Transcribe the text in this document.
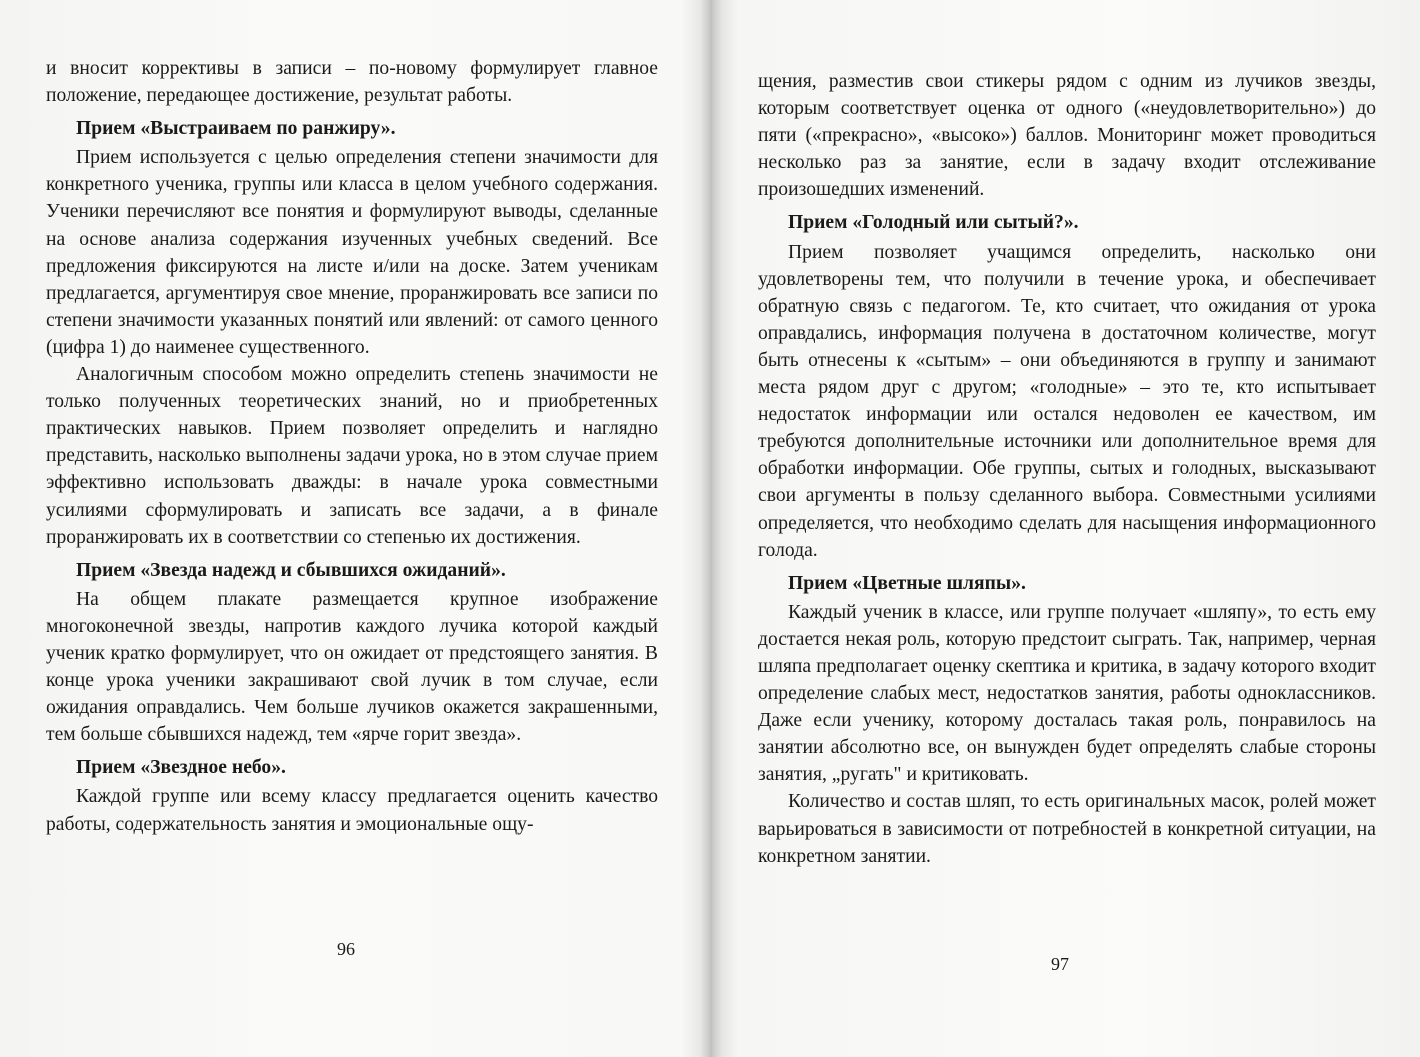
и вносит коррективы в записи – по-новому формулирует главное положение, передающее достижение, результат работы.

Прием «Выстраиваем по ранжиру».

Прием используется с целью определения степени значимости для конкретного ученика, группы или класса в целом учебного содержания. Ученики перечисляют все понятия и формулируют выводы, сделанные на основе анализа содержания изученных учебных сведений. Все предложения фиксируются на листе и/или на доске. Затем ученикам предлагается, аргументируя свое мнение, проранжировать все записи по степени значимости указанных понятий или явлений: от самого ценного (цифра 1) до наименее существенного.

Аналогичным способом можно определить степень значимости не только полученных теоретических знаний, но и приобретенных практических навыков. Прием позволяет определить и наглядно представить, насколько выполнены задачи урока, но в этом случае прием эффективно использовать дважды: в начале урока совместными усилиями сформулировать и записать все задачи, а в финале проранжировать их в соответствии со степенью их достижения.

Прием «Звезда надежд и сбывшихся ожиданий».

На общем плакате размещается крупное изображение многоконечной звезды, напротив каждого лучика которой каждый ученик кратко формулирует, что он ожидает от предстоящего занятия. В конце урока ученики закрашивают свой лучик в том случае, если ожидания оправдались. Чем больше лучиков окажется закрашенными, тем больше сбывшихся надежд, тем «ярче горит звезда».

Прием «Звездное небо».

Каждой группе или всему классу предлагается оценить качество работы, содержательность занятия и эмоциональные ощу-

96

щения, разместив свои стикеры рядом с одним из лучиков звезды, которым соответствует оценка от одного («неудовлетворительно») до пяти («прекрасно», «высоко») баллов. Мониторинг может проводиться несколько раз за занятие, если в задачу входит отслеживание произошедших изменений.

Прием «Голодный или сытый?».

Прием позволяет учащимся определить, насколько они удовлетворены тем, что получили в течение урока, и обеспечивает обратную связь с педагогом. Те, кто считает, что ожидания от урока оправдались, информация получена в достаточном количестве, могут быть отнесены к «сытым» – они объединяются в группу и занимают места рядом друг с другом; «голодные» – это те, кто испытывает недостаток информации или остался недоволен ее качеством, им требуются дополнительные источники или дополнительное время для обработки информации. Обе группы, сытых и голодных, высказывают свои аргументы в пользу сделанного выбора. Совместными усилиями определяется, что необходимо сделать для насыщения информационного голода.

Прием «Цветные шляпы».

Каждый ученик в классе, или группе получает «шляпу», то есть ему достается некая роль, которую предстоит сыграть. Так, например, черная шляпа предполагает оценку скептика и критика, в задачу которого входит определение слабых мест, недостатков занятия, работы одноклассников. Даже если ученику, которому досталась такая роль, понравилось на занятии абсолютно все, он вынужден будет определять слабые стороны занятия, „ругать" и критиковать.

Количество и состав шляп, то есть оригинальных масок, ролей может варьироваться в зависимости от потребностей в конкретной ситуации, на конкретном занятии.

97
